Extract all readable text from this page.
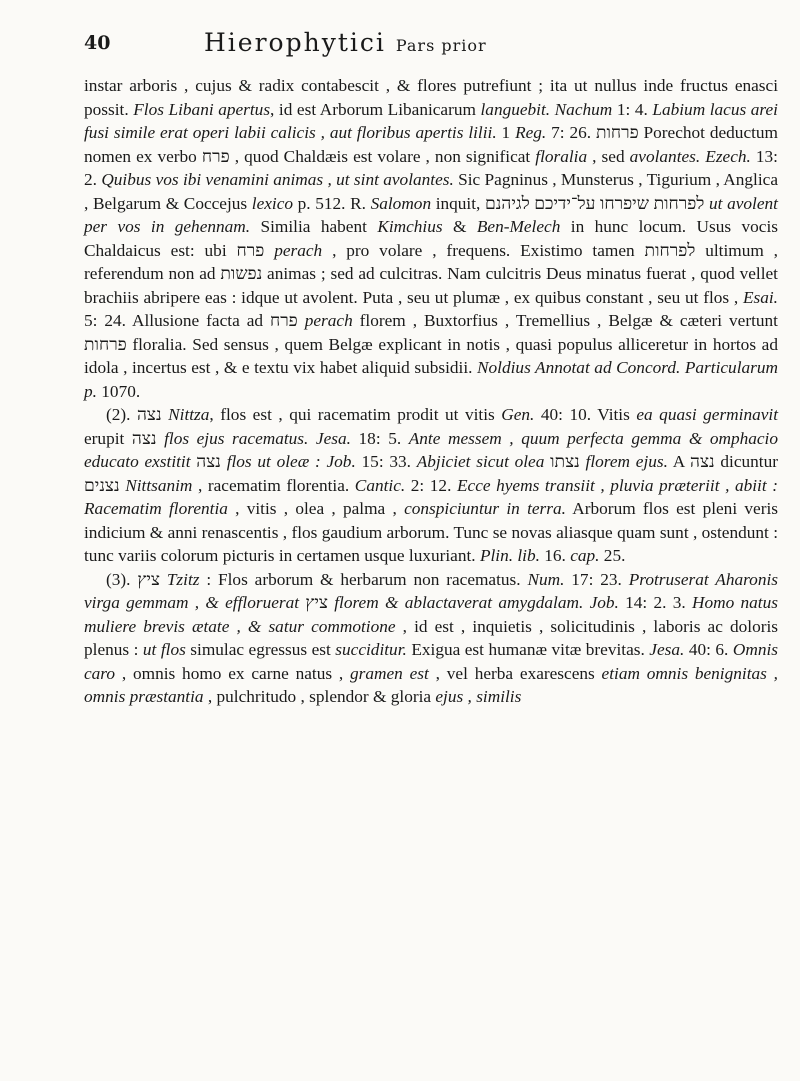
40	Hierophytici Pars prior

instar arboris , cujus & radix contabescit , & flores putrefiunt ; ita ut nullus inde fructus enasci possit. Flos Libani apertus, id est Arborum Libanicarum languebit. Nachum 1: 4. Labium lacus arei fusi simile erat operi labii calicis , aut floribus apertis lilii. 1 Reg. 7: 26. פרחות Porechot deductum nomen ex verbo פרח , quod Chaldæis est volare , non significat floralia , sed avolantes. Ezech. 13: 2. Quibus vos ibi venamini animas , ut sint avolantes. Sic Pagninus , Munsterus , Tigurium , Anglica , Belgarum & Coccejus lexico p. 512. R. Salomon inquit, לפרחות שיפרחו על־ידיכם לגיהנם ut avolent per vos in gehennam. Similia habent Kimchius & Ben-Melech in hunc locum. Usus vocis Chaldaicus est: ubi פרח perach , pro volare , frequens. Existimo tamen לפרחות ultimum , referendum non ad נפשות animas ; sed ad culcitras. Nam culcitris Deus minatus fuerat , quod vellet brachiis abripere eas : idque ut avolent. Puta , seu ut plumæ , ex quibus constant , seu ut flos , Esai. 5: 24. Allusione facta ad פרח perach florem , Buxtorfius , Tremellius , Belgæ & cæteri vertunt פרחות floralia. Sed sensus , quem Belgæ explicant in notis , quasi populus alliceretur in hortos ad idola , incertus est , & e textu vix habet aliquid subsidii. Noldius Annotat ad Concord. Particularum p. 1070.

(2). נצה Nittza, flos est , qui racematim prodit ut vitis Gen. 40: 10. Vitis ea quasi germinavit erupit נצה flos ejus racematus. Jesa. 18: 5. Ante messem , quum perfecta gemma & omphacio educato exstitit נצה flos ut oleæ : Job. 15: 33. Abjiciet sicut olea נצתו florem ejus. A נצה dicuntur נצנים Nittsanim , racematim florentia. Cantic. 2: 12. Ecce hyems transiit , pluvia præteriit , abiit : Racematim florentia , vitis , olea , palma , conspiciuntur in terra. Arborum flos est pleni veris indicium & anni renascentis , flos gaudium arborum. Tunc se novas aliasque quam sunt , ostendunt : tunc variis colorum picturis in certamen usque luxuriant. Plin. lib. 16. cap. 25.

(3). ציץ Tzitz : Flos arborum & herbarum non racematus. Num. 17: 23. Protruserat Aharonis virga gemmam , & effloruerat ציץ florem & ablactaverat amygdalam. Job. 14: 2. 3. Homo natus muliere brevis ætate , & satur commotione , id est , inquietis , solicitudinis , laboris ac doloris plenus : ut flos simulac egressus est succiditur. Exigua est humanæ vitæ brevitas. Jesa. 40: 6. Omnis caro , omnis homo ex carne natus , gramen est , vel herba exarescens etiam omnis benignitas , omnis præstantia , pulchritudo , splendor & gloria ejus , similis
